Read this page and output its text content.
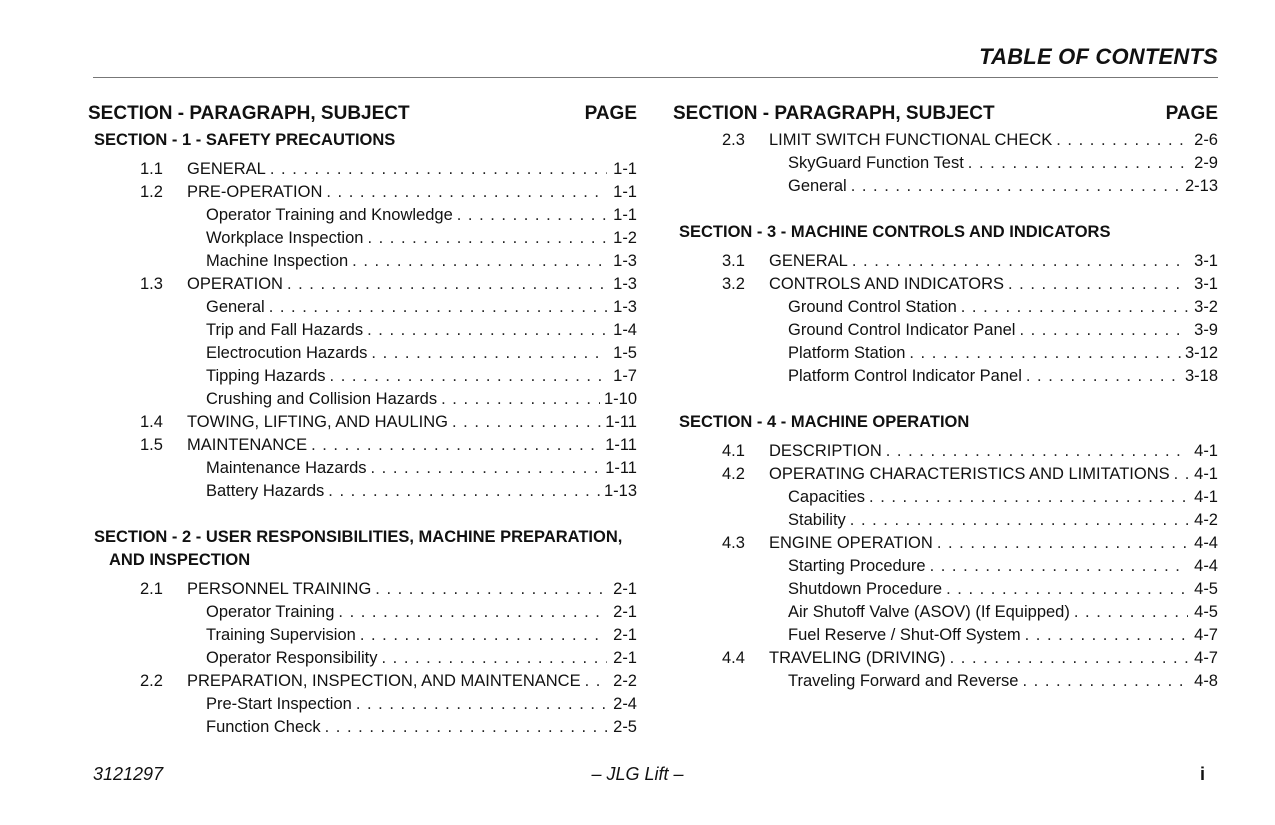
TABLE OF CONTENTS
SECTION - PARAGRAPH, SUBJECT	PAGE
SECTION - 1 - SAFETY PRECAUTIONS
1.1	GENERAL . . .	1-1
1.2	PRE-OPERATION . . .	1-1
Operator Training and Knowledge . . .	1-1
Workplace Inspection . . .	1-2
Machine Inspection . . .	1-3
1.3	OPERATION . . .	1-3
General . . .	1-3
Trip and Fall Hazards . . .	1-4
Electrocution Hazards . . .	1-5
Tipping Hazards . . .	1-7
Crushing and Collision Hazards . . .	1-10
1.4	TOWING, LIFTING, AND HAULING . . .	1-11
1.5	MAINTENANCE . . .	1-11
Maintenance Hazards . . .	1-11
Battery Hazards . . .	1-13
SECTION - 2 - USER RESPONSIBILITIES, MACHINE PREPARATION,
AND INSPECTION
2.1	PERSONNEL TRAINING . . .	2-1
Operator Training . . .	2-1
Training Supervision . . .	2-1
Operator Responsibility . . .	2-1
2.2	PREPARATION, INSPECTION, AND MAINTENANCE . . . 2-2
Pre-Start Inspection . . .	2-4
Function Check . . .	2-5
SECTION - PARAGRAPH, SUBJECT	PAGE
2.3	LIMIT SWITCH FUNCTIONAL CHECK . . .	2-6
SkyGuard Function Test . . .	2-9
General . . .	2-13
SECTION - 3 - MACHINE CONTROLS AND INDICATORS
3.1	GENERAL . . .	3-1
3.2	CONTROLS AND INDICATORS . . .	3-1
Ground Control Station . . .	3-2
Ground Control Indicator Panel . . .	3-9
Platform Station . . .	3-12
Platform Control Indicator Panel . . .	3-18
SECTION - 4 - MACHINE OPERATION
4.1	DESCRIPTION . . .	4-1
4.2	OPERATING CHARACTERISTICS AND LIMITATIONS . . . 4-1
Capacities . . .	4-1
Stability . . .	4-2
4.3	ENGINE OPERATION . . .	4-4
Starting Procedure . . .	4-4
Shutdown Procedure . . .	4-5
Air Shutoff Valve (ASOV) (If Equipped) . . .	4-5
Fuel Reserve / Shut-Off System . . .	4-7
4.4	TRAVELING (DRIVING) . . .	4-7
Traveling Forward and Reverse . . .	4-8
3121297	– JLG Lift –	i
